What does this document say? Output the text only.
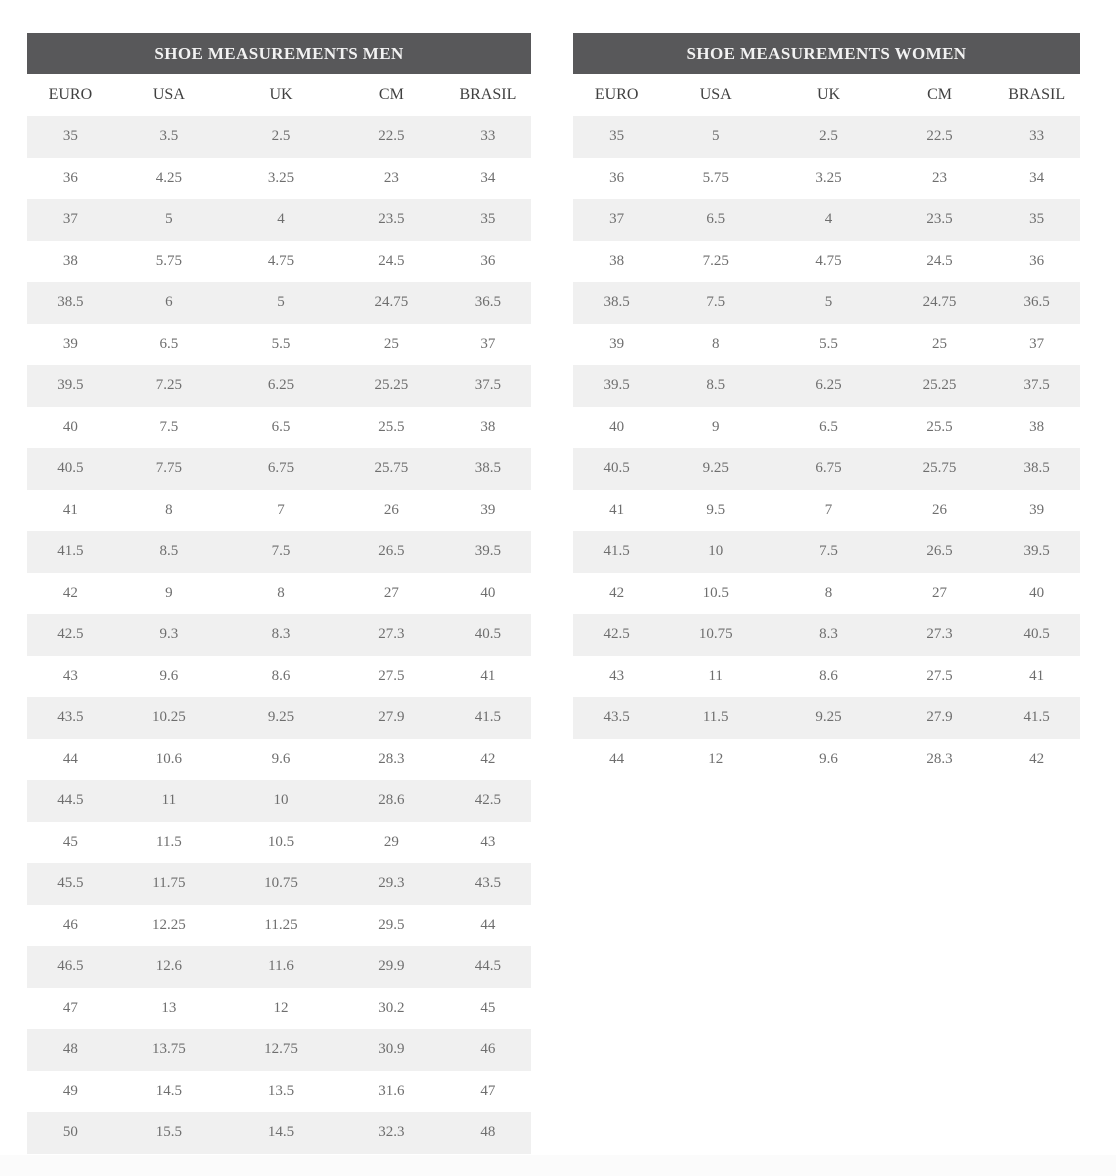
SHOE MEASUREMENTS MEN				
EURO	USA	UK	CM	BRASIL
35	3.5	2.5	22.5	33
36	4.25	3.25	23	34
37	5	4	23.5	35
38	5.75	4.75	24.5	36
38.5	6	5	24.75	36.5
39	6.5	5.5	25	37
39.5	7.25	6.25	25.25	37.5
40	7.5	6.5	25.5	38
40.5	7.75	6.75	25.75	38.5
41	8	7	26	39
41.5	8.5	7.5	26.5	39.5
42	9	8	27	40
42.5	9.3	8.3	27.3	40.5
43	9.6	8.6	27.5	41
43.5	10.25	9.25	27.9	41.5
44	10.6	9.6	28.3	42
44.5	11	10	28.6	42.5
45	11.5	10.5	29	43
45.5	11.75	10.75	29.3	43.5
46	12.25	11.25	29.5	44
46.5	12.6	11.6	29.9	44.5
47	13	12	30.2	45
48	13.75	12.75	30.9	46
49	14.5	13.5	31.6	47
50	15.5	14.5	32.3	48
SHOE MEASUREMENTS WOMEN				
EURO	USA	UK	CM	BRASIL
35	5	2.5	22.5	33
36	5.75	3.25	23	34
37	6.5	4	23.5	35
38	7.25	4.75	24.5	36
38.5	7.5	5	24.75	36.5
39	8	5.5	25	37
39.5	8.5	6.25	25.25	37.5
40	9	6.5	25.5	38
40.5	9.25	6.75	25.75	38.5
41	9.5	7	26	39
41.5	10	7.5	26.5	39.5
42	10.5	8	27	40
42.5	10.75	8.3	27.3	40.5
43	11	8.6	27.5	41
43.5	11.5	9.25	27.9	41.5
44	12	9.6	28.3	42
